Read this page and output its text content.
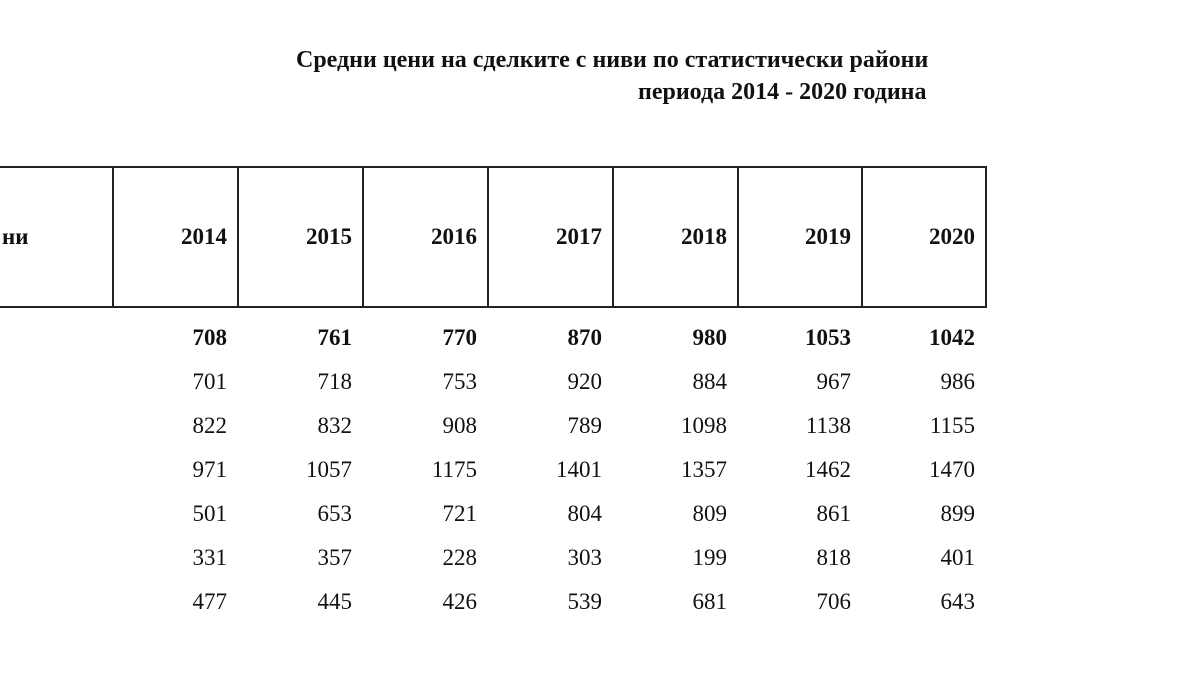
Средни цени на сделките с ниви по статистически райони
периода 2014 - 2020 година
ни	2014	2015	2016	2017	2018	2019	2020
	708	761	770	870	980	1053	1042
	701	718	753	920	884	967	986
	822	832	908	789	1098	1138	1155
	971	1057	1175	1401	1357	1462	1470
	501	653	721	804	809	861	899
	331	357	228	303	199	818	401
	477	445	426	539	681	706	643
